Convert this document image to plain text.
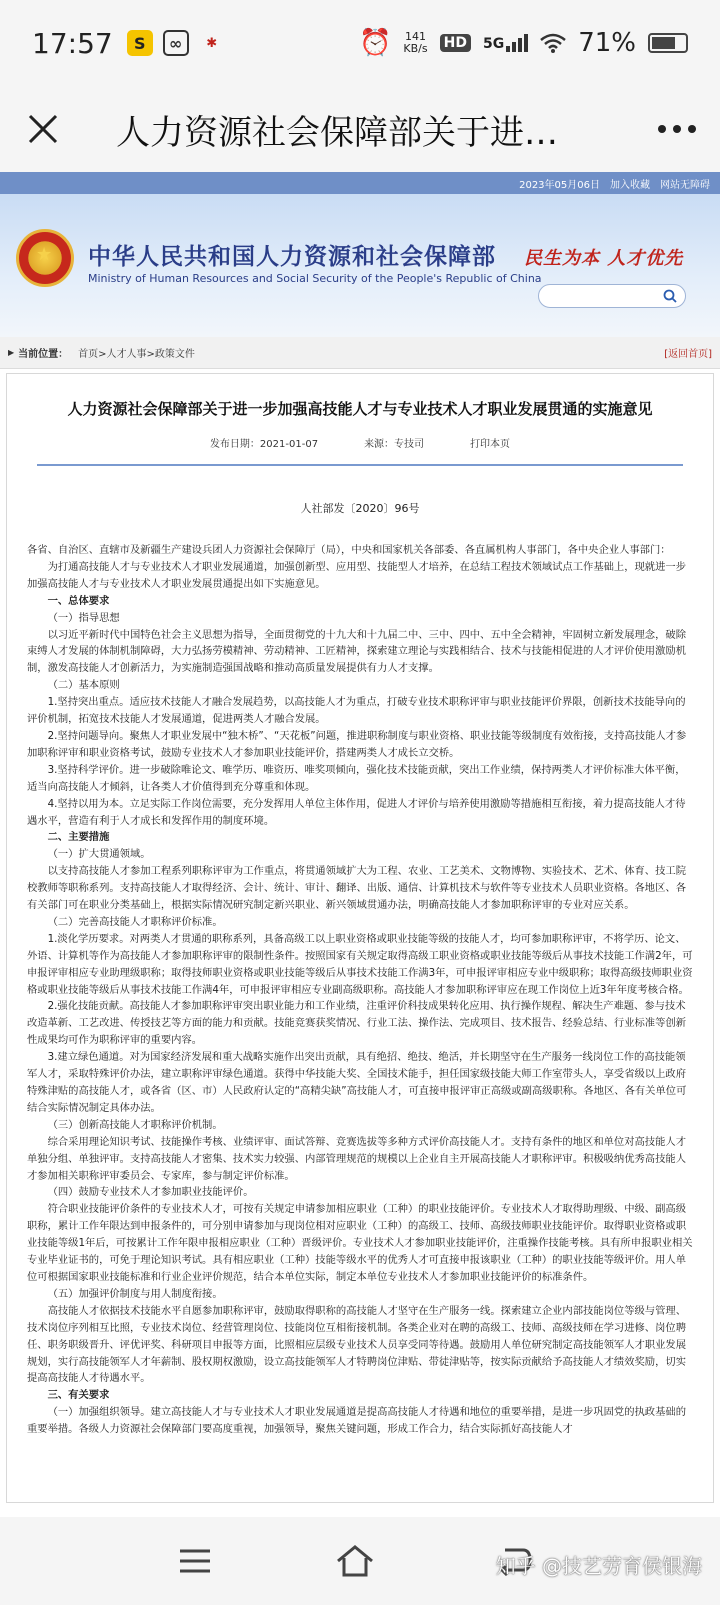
17:57	S	∞	✱	⏰ 141
KB/s HD 5G	71%
人力资源社会保障部关于进…
2023年05月06日 加入收藏 网站无障碍
★ 中华人民共和国人力资源和社会保障部
Ministry of Human Resources and Social Security of the People's Republic of China
民生为本 人才优先
▶ 当前位置： 首页>人才人事>政策文件	[返回首页]
人力资源社会保障部关于进一步加强高技能人才与专业技术人才职业发展贯通的实施意见
发布日期：2021-01-07	来源：专技司	打印本页
人社部发〔2020〕96号

各省、自治区、直辖市及新疆生产建设兵团人力资源社会保障厅（局），中央和国家机关各部委、各直属机构人事部门，各中央企业人事部门：

为打通高技能人才与专业技术人才职业发展通道，加强创新型、应用型、技能型人才培养，在总结工程技术领域试点工作基础上，现就进一步加强高技能人才与专业技术人才职业发展贯通提出如下实施意见。

一、总体要求

（一）指导思想

以习近平新时代中国特色社会主义思想为指导，全面贯彻党的十九大和十九届二中、三中、四中、五中全会精神，牢固树立新发展理念，破除束缚人才发展的体制机制障碍，大力弘扬劳模精神、劳动精神、工匠精神，探索建立理论与实践相结合、技术与技能相促进的人才评价使用激励机制，激发高技能人才创新活力，为实施制造强国战略和推动高质量发展提供有力人才支撑。

（二）基本原则

1.坚持突出重点。适应技术技能人才融合发展趋势，以高技能人才为重点，打破专业技术职称评审与职业技能评价界限，创新技术技能导向的评价机制，拓宽技术技能人才发展通道，促进两类人才融合发展。

2.坚持问题导向。聚焦人才职业发展中“独木桥”、“天花板”问题，推进职称制度与职业资格、职业技能等级制度有效衔接，支持高技能人才参加职称评审和职业资格考试，鼓励专业技术人才参加职业技能评价，搭建两类人才成长立交桥。

3.坚持科学评价。进一步破除唯论文、唯学历、唯资历、唯奖项倾向，强化技术技能贡献，突出工作业绩，保持两类人才评价标准大体平衡，适当向高技能人才倾斜，让各类人才价值得到充分尊重和体现。

4.坚持以用为本。立足实际工作岗位需要，充分发挥用人单位主体作用，促进人才评价与培养使用激励等措施相互衔接，着力提高技能人才待遇水平，营造有利于人才成长和发挥作用的制度环境。

二、主要措施

（一）扩大贯通领域。

以支持高技能人才参加工程系列职称评审为工作重点，将贯通领域扩大为工程、农业、工艺美术、文物博物、实验技术、艺术、体育、技工院校教师等职称系列。支持高技能人才取得经济、会计、统计、审计、翻译、出版、通信、计算机技术与软件等专业技术人员职业资格。各地区、各有关部门可在职业分类基础上，根据实际情况研究制定新兴职业、新兴领域贯通办法，明确高技能人才参加职称评审的专业对应关系。

（二）完善高技能人才职称评价标准。

1.淡化学历要求。对两类人才贯通的职称系列，具备高级工以上职业资格或职业技能等级的技能人才，均可参加职称评审，不将学历、论文、外语、计算机等作为高技能人才参加职称评审的限制性条件。按照国家有关规定取得高级工职业资格或职业技能等级后从事技术技能工作满2年，可申报评审相应专业助理级职称；取得技师职业资格或职业技能等级后从事技术技能工作满3年，可申报评审相应专业中级职称；取得高级技师职业资格或职业技能等级后从事技术技能工作满4年，可申报评审相应专业副高级职称。高技能人才参加职称评审应在现工作岗位上近3年年度考核合格。

2.强化技能贡献。高技能人才参加职称评审突出职业能力和工作业绩，注重评价科技成果转化应用、执行操作规程、解决生产难题、参与技术改造革新、工艺改进、传授技艺等方面的能力和贡献。技能竞赛获奖情况、行业工法、操作法、完成项目、技术报告、经验总结、行业标准等创新性成果均可作为职称评审的重要内容。

3.建立绿色通道。对为国家经济发展和重大战略实施作出突出贡献，具有绝招、绝技、绝活，并长期坚守在生产服务一线岗位工作的高技能领军人才，采取特殊评价办法，建立职称评审绿色通道。获得中华技能大奖、全国技术能手，担任国家级技能大师工作室带头人，享受省级以上政府特殊津贴的高技能人才，或各省（区、市）人民政府认定的“高精尖缺”高技能人才，可直接申报评审正高级或副高级职称。各地区、各有关单位可结合实际情况制定具体办法。

（三）创新高技能人才职称评价机制。

综合采用理论知识考试、技能操作考核、业绩评审、面试答辩、竞赛选拔等多种方式评价高技能人才。支持有条件的地区和单位对高技能人才单独分组、单独评审。支持高技能人才密集、技术实力较强、内部管理规范的规模以上企业自主开展高技能人才职称评审。积极吸纳优秀高技能人才参加相关职称评审委员会、专家库，参与制定评价标准。

（四）鼓励专业技术人才参加职业技能评价。

符合职业技能评价条件的专业技术人才，可按有关规定申请参加相应职业（工种）的职业技能评价。专业技术人才取得助理级、中级、副高级职称，累计工作年限达到申报条件的，可分别申请参加与现岗位相对应职业（工种）的高级工、技师、高级技师职业技能评价。取得职业资格或职业技能等级1年后，可按累计工作年限申报相应职业（工种）晋级评价。专业技术人才参加职业技能评价，注重操作技能考核。具有所申报职业相关专业毕业证书的，可免于理论知识考试。具有相应职业（工种）技能等级水平的优秀人才可直接申报该职业（工种）的职业技能等级评价。用人单位可根据国家职业技能标准和行业企业评价规范，结合本单位实际，制定本单位专业技术人才参加职业技能评价的标准条件。

（五）加强评价制度与用人制度衔接。

高技能人才依据技术技能水平自愿参加职称评审，鼓励取得职称的高技能人才坚守在生产服务一线。探索建立企业内部技能岗位等级与管理、技术岗位序列相互比照，专业技术岗位、经营管理岗位、技能岗位互相衔接机制。各类企业对在聘的高级工、技师、高级技师在学习进修、岗位聘任、职务职级晋升、评优评奖、科研项目申报等方面，比照相应层级专业技术人员享受同等待遇。鼓励用人单位研究制定高技能领军人才职业发展规划，实行高技能领军人才年薪制、股权期权激励，设立高技能领军人才特聘岗位津贴、带徒津贴等，按实际贡献给予高技能人才绩效奖励，切实提高高技能人才待遇水平。

三、有关要求

（一）加强组织领导。建立高技能人才与专业技术人才职业发展通道是提高高技能人才待遇和地位的重要举措，是进一步巩固党的执政基础的重要举措。各级人力资源社会保障部门要高度重视，加强领导，聚焦关键问题，形成工作合力，结合实际抓好高技能人才

知乎 @技艺劳育侯银海
